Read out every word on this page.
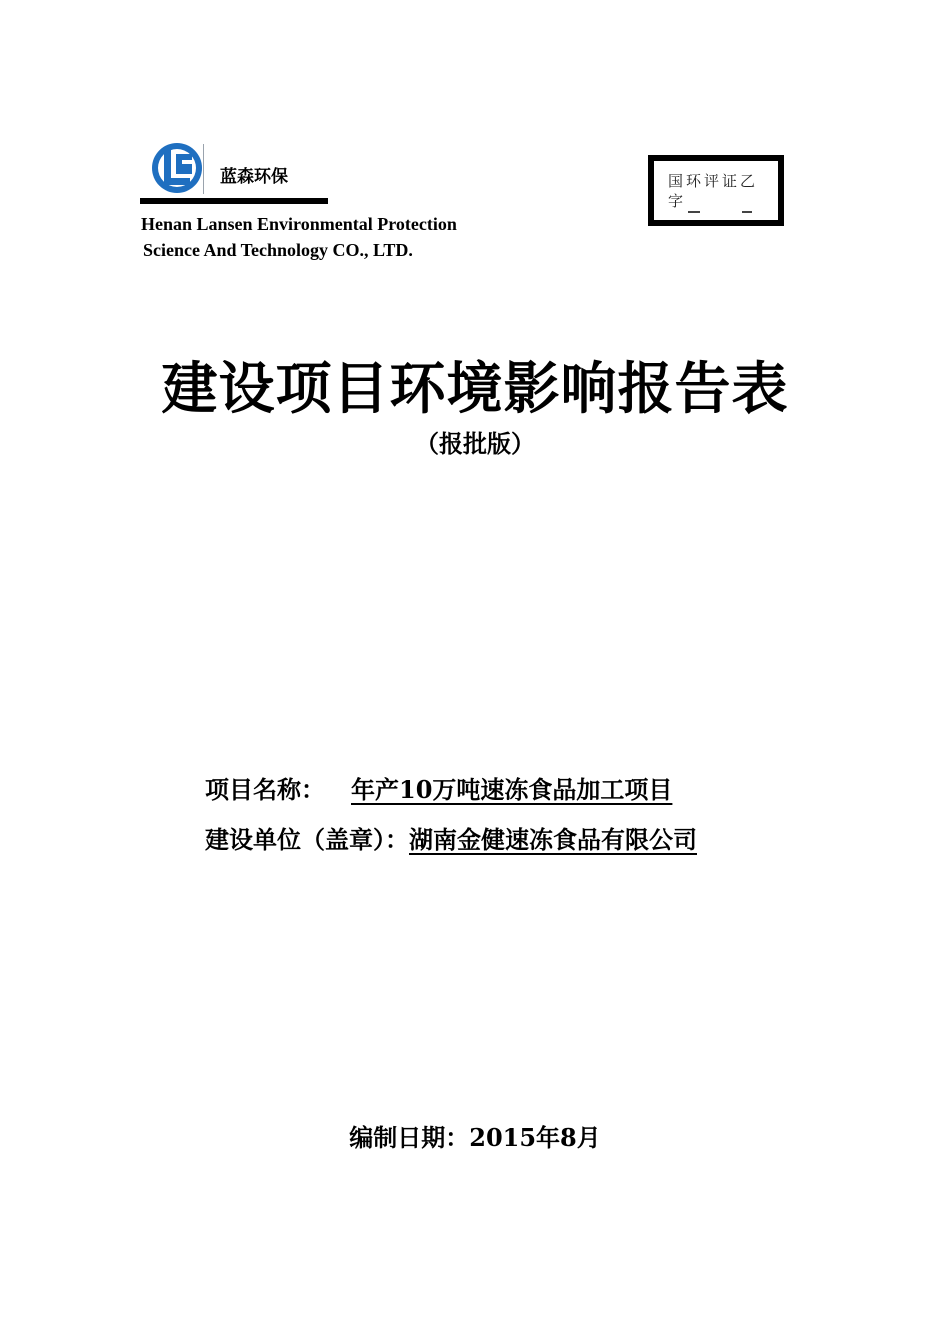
蓝森环保
Henan Lansen Environmental Protection
Science And Technology CO., LTD.
国环评证乙字
建设项目环境影响报告表
（报批版）
项目名称： 年产10万吨速冻食品加工项目
建设单位（盖章）：湖南金健速冻食品有限公司
编制日期：2015年8月
